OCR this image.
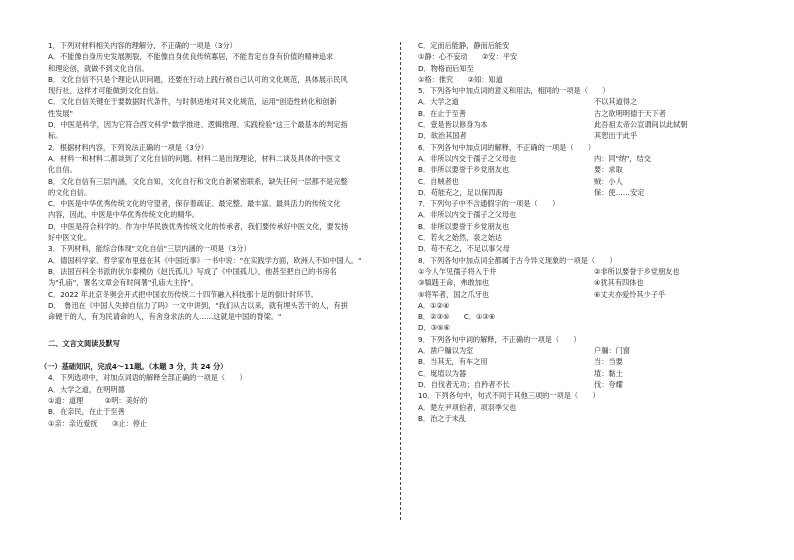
1．下列对材料相关内容的理解分，不正确的一项是（3分）
A．不能像自身历史发展割裂，不能像自身优良传统寡居，不能肯定自身有价值的精神追求
和理论创，就做不到文化自信。
B．文化自信不只是个理论认识问题，还要在行动上践行被自己认可的文化规范，具体展示民风
现行社，这样才可能做到文化自信。
C．文化自信关键在于要数据时代条件，与时俱进地对其文化规范，运用"创造性转化和创新
性发展"
D．中医是科学，因为它符合西文科学"数学推进、逻辑推理、实践检验"这三个最基本的判定指
标。
2．根据材料内容，下列说法正确的一项是（3分）
A．材料一和材料二都谈到了文化自信的问题。材料二是出现理论，材料二谈及具体的中医文
化自信。
B．文化自信有三层内涵，文化自知，文化自行和文化自新紧密联系，缺失任何一层都不是完整
的文化自信。
C．中医是中华优秀传统文化的守望者，保存着疏证、最完整、最丰富、最具活力的传统文化
内容，因此，中医是中华优秀传统文化的精华。
D．中医是符合科学的。作为中华民族优秀传统文化的传承者，我们要传承好中医文化，要发扬
好中医文化。
3．下列材料，能综合体现"文化自信"三层内涵的一项是（3分）
A．德国科学家、哲学家布里兹在其《中国近事》一书中说："在实践学方面，欧洲人不如中国人。"
B．法国百科全书派的伏尔泰模仿《赵氏孤儿》写成了《中国孤儿》，他甚至把自己的书房名
为"孔庙"，署名文章会有时间署"孔庙大主持"。
C．2022 年北京冬奥会开式把中国农历传统二十四节融入科技那十足的倒计时环节。
D．　鲁迅在《中国人失掉自信力了吗》一文中讲到，"我们从古以来，就有埋头苦干的人，有拼
命硬干的人，有为民请命的人，有舍身求法的人……这就是中国的脊梁。"
二、文言文阅读及默写
（一）基础知识，完成4～11题。（本题 3 分，共 24 分）
4．下列选项中，对加点词语的解释全部正确的一项是（　　）
A．大学之道，在明明德
①道：道理　　　②明：美好的
B．在亲民，在止于至善
①亲：亲近爱抚　　③止：停止
C．定而后能静，静而后能安
①静：心不妄动　　②安：平安
D．物格而后知至
①格：推究　　②知：知道
5．下列各句中加点词的意义和用法，相同的一项是（　　）
A．大学之道	不以其道得之
B．在止于至善	古之欲明明德于天下者
C．壹是皆以修身为本	此吾祖太帝公宣谓间以此轼朝
D．欲治其国者	其恕出于此乎
6．下列各句中加点词的解释，不正确的一项是（　　）
A．非所以内交于孺子之父母也	内：同"纳"，结交
B．非所以要誉于乡党朋友也	要：求取
C．自贼者也	贼：小人
D．苟能充之，足以保四海	保：使……安定
7．下列句子中不含通假字的一项是（　　）
A．非所以内交于孺子之父母也
B．非所以要誉于乡党朋友也
C．若火之始然，泉之始达
D．苟不充之，不足以事父母
8．下列各句中加点词全都属于古今异义现象的一项是（　　）
①今人乍见孺子将入于井	②非所以要誉于乡党朋友也
③犒韪王命，弗敢加也	④犹其有四体也
⑤将军者，国之爪牙也	⑥丈夫亦爱怜其少子乎
A．①②④
B．②③⑤　　C．①③⑥
D．③⑤⑥
9．下列各句中词的解释，不正确的一项是（　　）
A．凿户牖以为室	户牖：门窗
B．当其无，有车之用	当：当要
C．埏埴以为器	埴：黏土
D．自伐者无功；自矜者不长	伐：夸耀
10．下列各句中，句式不同于其他三项的一项是（　　）
A．楚左尹项伯者，项羽季父也
B．治之于未乱
